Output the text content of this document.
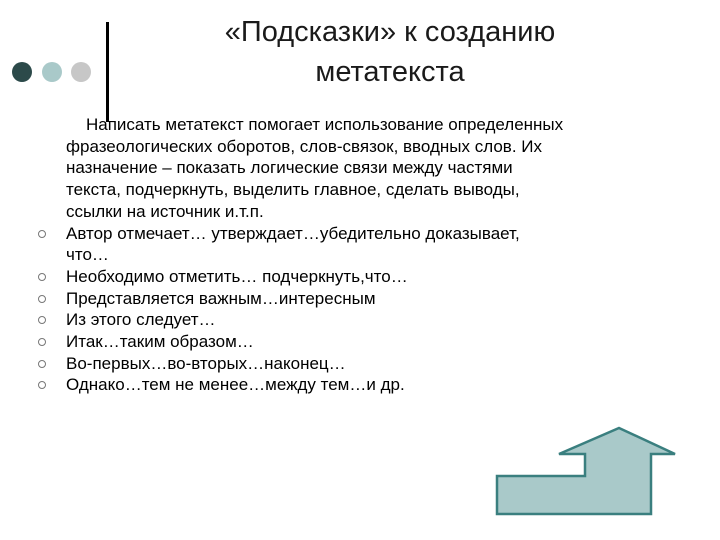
«Подсказки» к созданию
метатекста

Написать метатекст помогает использование определенных
фразеологических оборотов, слов-связок, вводных слов. Их
назначение – показать логические связи между частями
текста, подчеркнуть, выделить главное, сделать выводы,
ссылки на источник и.т.п.

Автор отмечает… утверждает…убедительно доказывает,
что…
Необходимо отметить… подчеркнуть,что…
Представляется важным…интересным
Из этого следует…
Итак…таким образом…
Во-первых…во-вторых…наконец…
Однако…тем не менее…между тем…и др.
